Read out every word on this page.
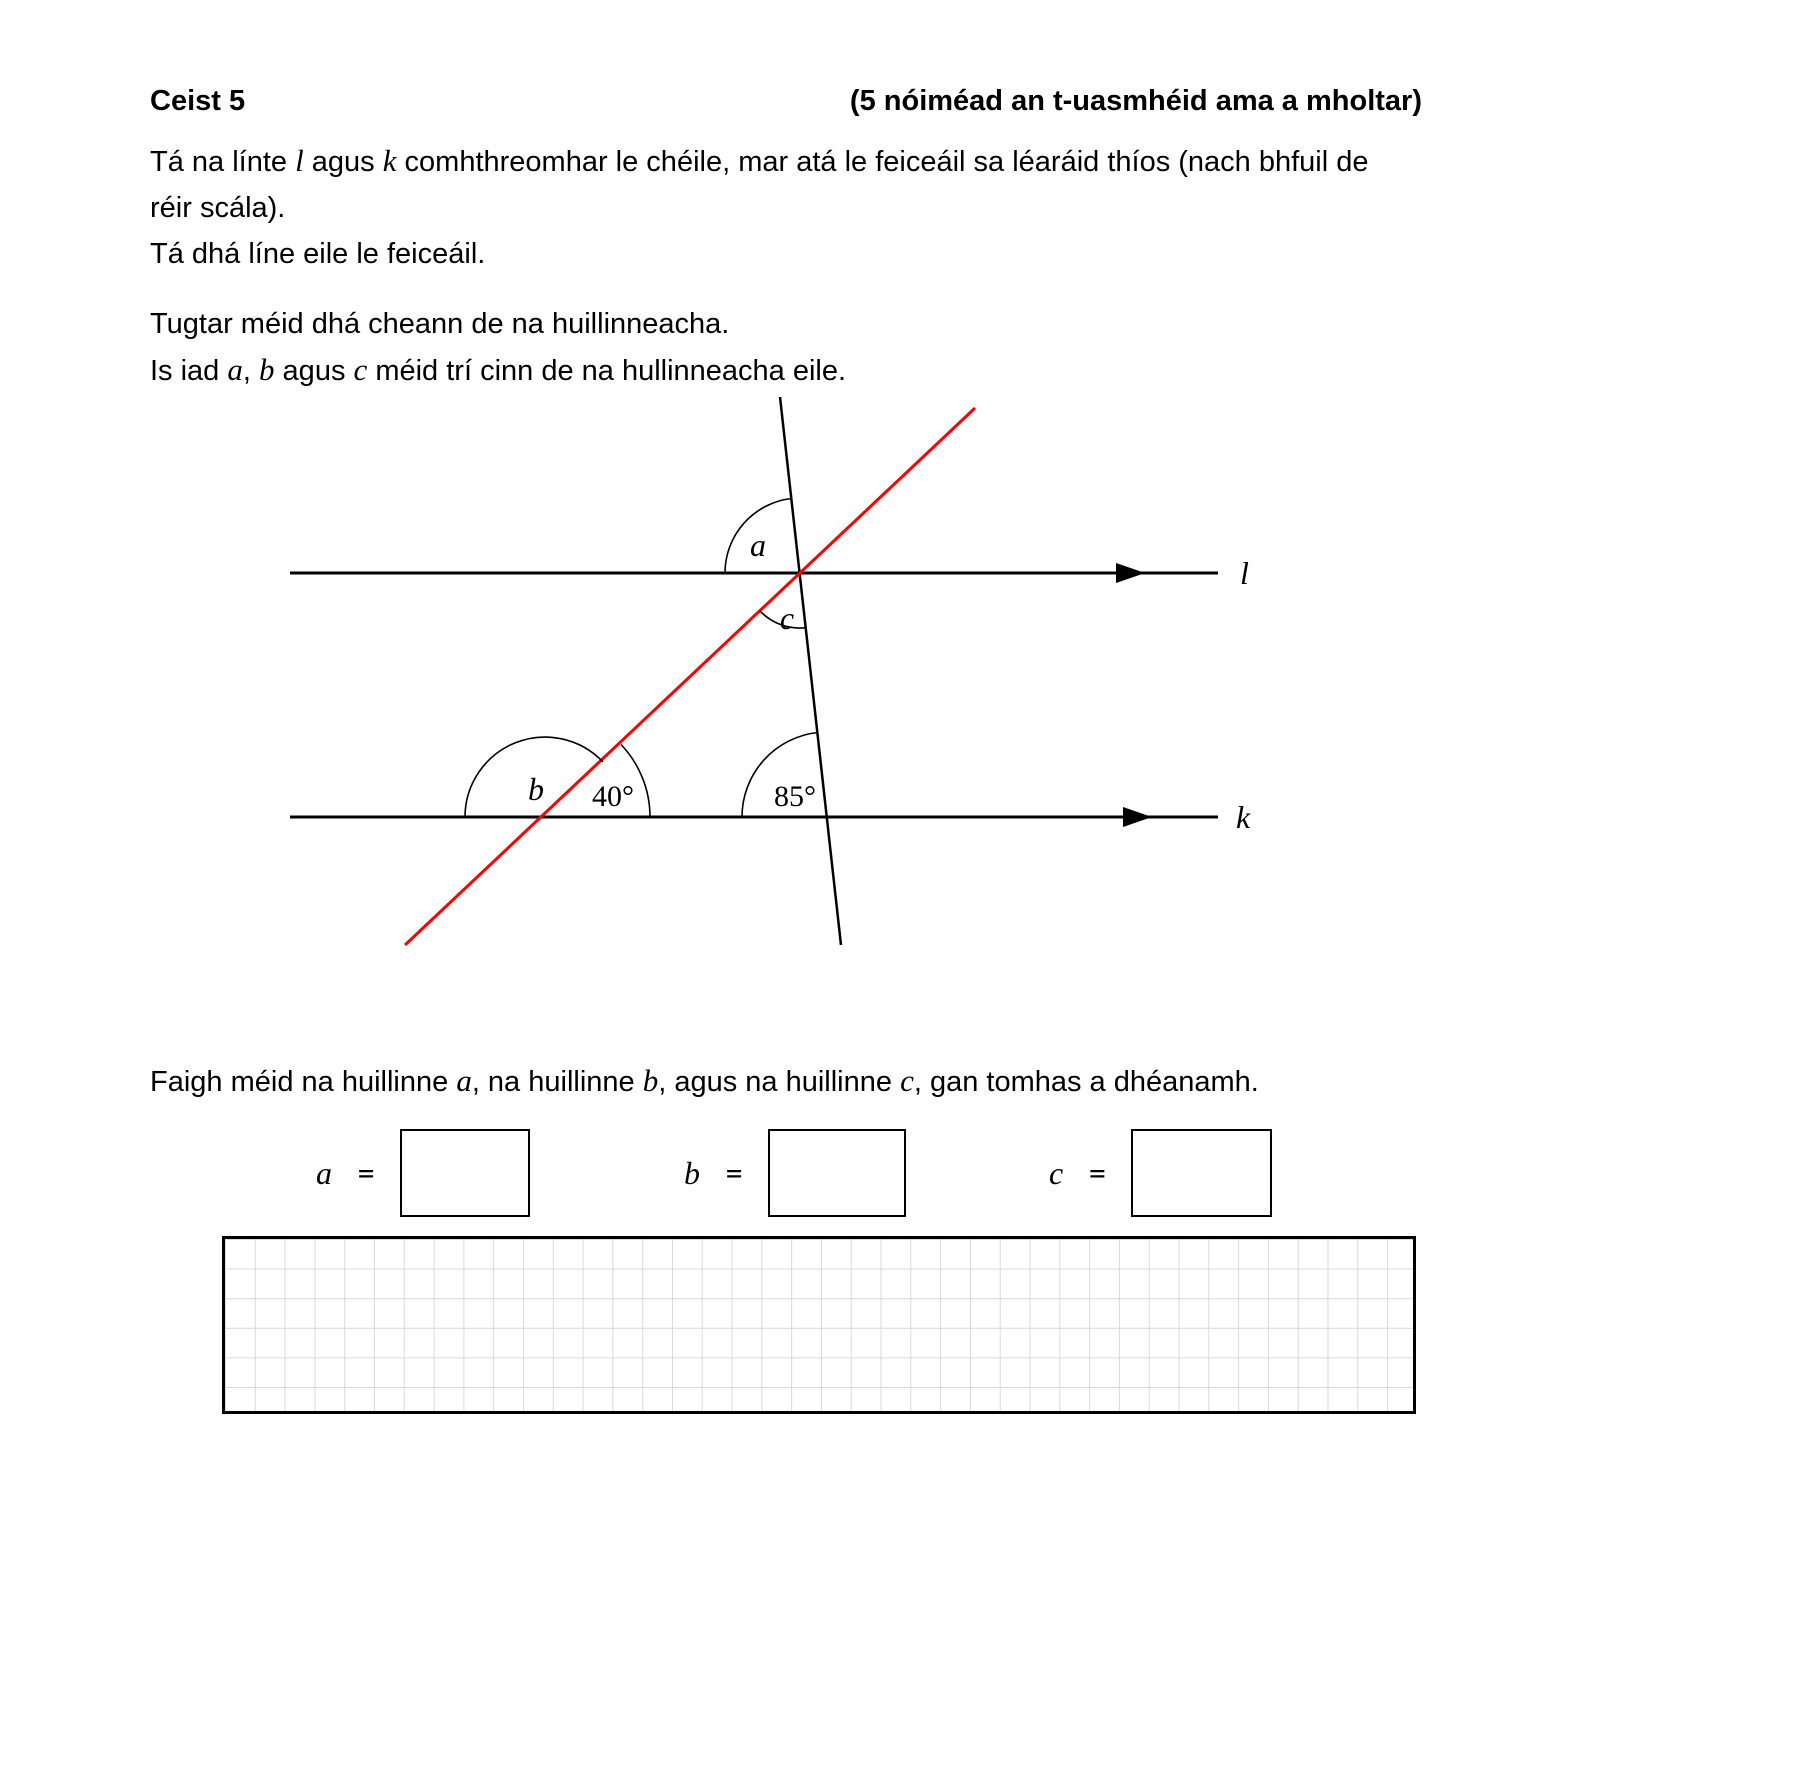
Ceist 5	(5 nóiméad an t-uasmhéid ama a mholtar)

Tá na línte l agus k comhthreomhar le chéile, mar atá le feiceáil sa léaráid thíos (nach bhfuil de

réir scála).

Tá dhá líne eile le feiceáil.

Tugtar méid dhá cheann de na huillinneacha.

Is iad a, b agus c méid trí cinn de na hullinneacha eile.

l
k
a
c
b 40°	85°
Faigh méid na huillinne a, na huillinne b, agus na huillinne c, gan tomhas a dhéanamh.
a =	b =	c =
